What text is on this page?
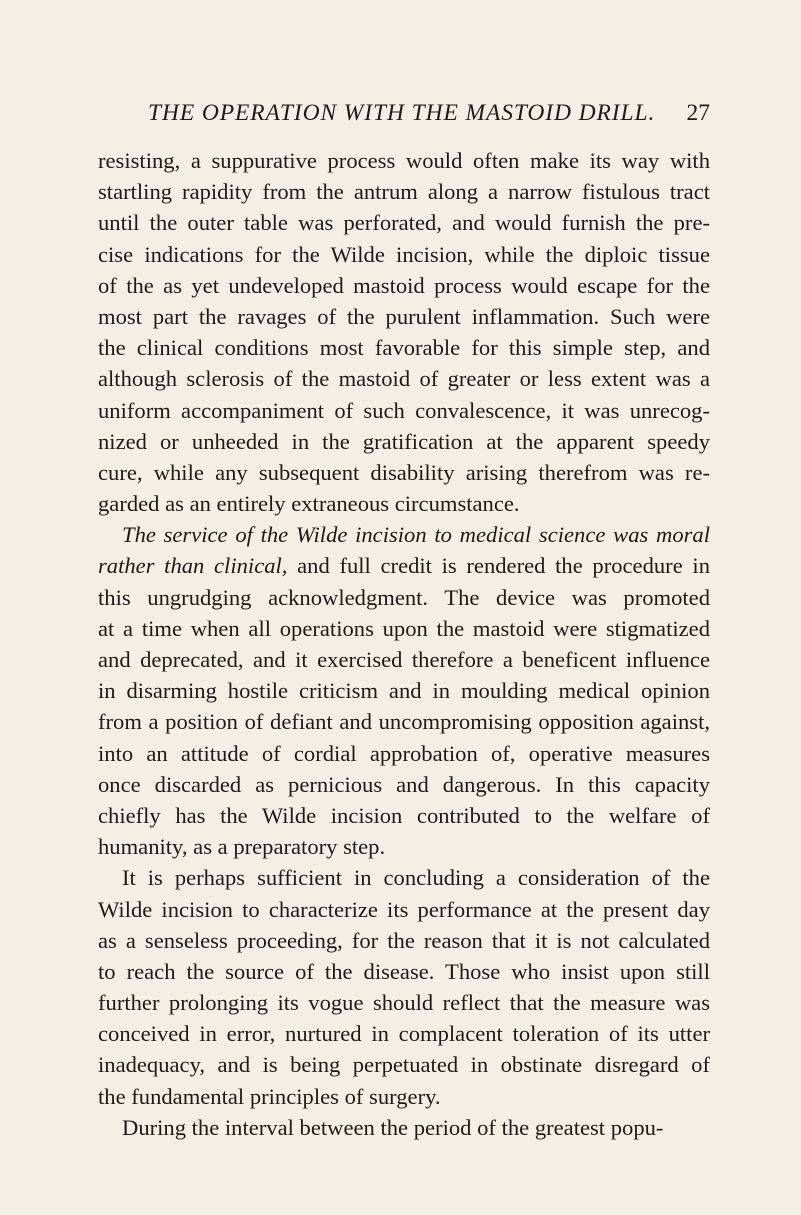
THE OPERATION WITH THE MASTOID DRILL. 27
resisting, a suppurative process would often make its way with
startling rapidity from the antrum along a narrow fistulous tract
until the outer table was perforated, and would furnish the pre-
cise indications for the Wilde incision, while the diploic tissue
of the as yet undeveloped mastoid process would escape for the
most part the ravages of the purulent inflammation. Such were
the clinical conditions most favorable for this simple step, and
although sclerosis of the mastoid of greater or less extent was a
uniform accompaniment of such convalescence, it was unrecog-
nized or unheeded in the gratification at the apparent speedy
cure, while any subsequent disability arising therefrom was re-
garded as an entirely extraneous circumstance.
The service of the Wilde incision to medical science was moral
rather than clinical, and full credit is rendered the procedure in
this ungrudging acknowledgment. The device was promoted
at a time when all operations upon the mastoid were stigmatized
and deprecated, and it exercised therefore a beneficent influence
in disarming hostile criticism and in moulding medical opinion
from a position of defiant and uncompromising opposition against,
into an attitude of cordial approbation of, operative measures
once discarded as pernicious and dangerous. In this capacity
chiefly has the Wilde incision contributed to the welfare of
humanity, as a preparatory step.
It is perhaps sufficient in concluding a consideration of the
Wilde incision to characterize its performance at the present day
as a senseless proceeding, for the reason that it is not calculated
to reach the source of the disease. Those who insist upon still
further prolonging its vogue should reflect that the measure was
conceived in error, nurtured in complacent toleration of its utter
inadequacy, and is being perpetuated in obstinate disregard of
the fundamental principles of surgery.
During the interval between the period of the greatest popu-
